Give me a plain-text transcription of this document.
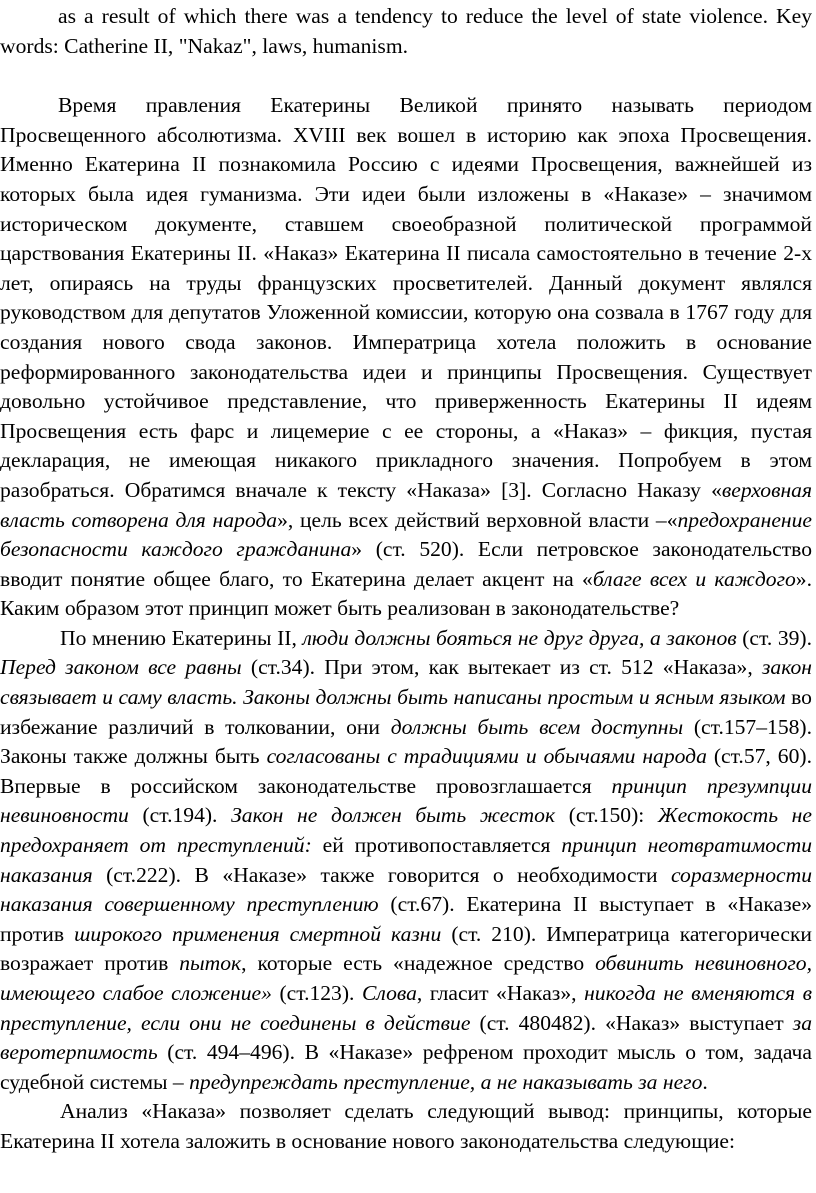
as a result of which there was a tendency to reduce the level of state violence. Key words: Catherine II, "Nakaz", laws, humanism.

Время правления Екатерины Великой принято называть периодом Просвещенного абсолютизма. XVIII век вошел в историю как эпоха Просвещения. Именно Екатерина II познакомила Россию с идеями Просвещения, важнейшей из которых была идея гуманизма. Эти идеи были изложены в «Наказе» – значимом историческом документе, ставшем своеобразной политической программой царствования Екатерины II. «Наказ» Екатерина II писала самостоятельно в течение 2-х лет, опираясь на труды французских просветителей. Данный документ являлся руководством для депутатов Уложенной комиссии, которую она созвала в 1767 году для создания нового свода законов. Императрица хотела положить в основание реформированного законодательства идеи и принципы Просвещения. Существует довольно устойчивое представление, что приверженность Екатерины II идеям Просвещения есть фарс и лицемерие с ее стороны, а «Наказ» – фикция, пустая декларация, не имеющая никакого прикладного значения. Попробуем в этом разобраться. Обратимся вначале к тексту «Наказа» [3]. Согласно Наказу «верховная власть сотворена для народа», цель всех действий верховной власти –«предохранение безопасности каждого гражданина» (ст. 520). Если петровское законодательство вводит понятие общее благо, то Екатерина делает акцент на «благе всех и каждого». Каким образом этот принцип может быть реализован в законодательстве?

По мнению Екатерины II, люди должны бояться не друг друга, а законов (ст. 39). Перед законом все равны (ст.34). При этом, как вытекает из ст. 512 «Наказа», закон связывает и саму власть. Законы должны быть написаны простым и ясным языком во избежание различий в толковании, они должны быть всем доступны (ст.157–158). Законы также должны быть согласованы с традициями и обычаями народа (ст.57, 60). Впервые в российском законодательстве провозглашается принцип презумпции невиновности (ст.194). Закон не должен быть жесток (ст.150): Жестокость не предохраняет от преступлений: ей противопоставляется принцип неотвратимости наказания (ст.222). В «Наказе» также говорится о необходимости соразмерности наказания совершенному преступлению (ст.67). Екатерина II выступает в «Наказе» против широкого применения смертной казни (ст. 210). Императрица категорически возражает против пыток, которые есть «надежное средство обвинить невиновного, имеющего слабое сложение» (ст.123). Слова, гласит «Наказ», никогда не вменяются в преступление, если они не соединены в действие (ст. 480482). «Наказ» выступает за веротерпимость (ст. 494–496). В «Наказе» рефреном проходит мысль о том, задача судебной системы – предупреждать преступление, а не наказывать за него.

Анализ «Наказа» позволяет сделать следующий вывод: принципы, которые Екатерина II хотела заложить в основание нового законодательства следующие:
